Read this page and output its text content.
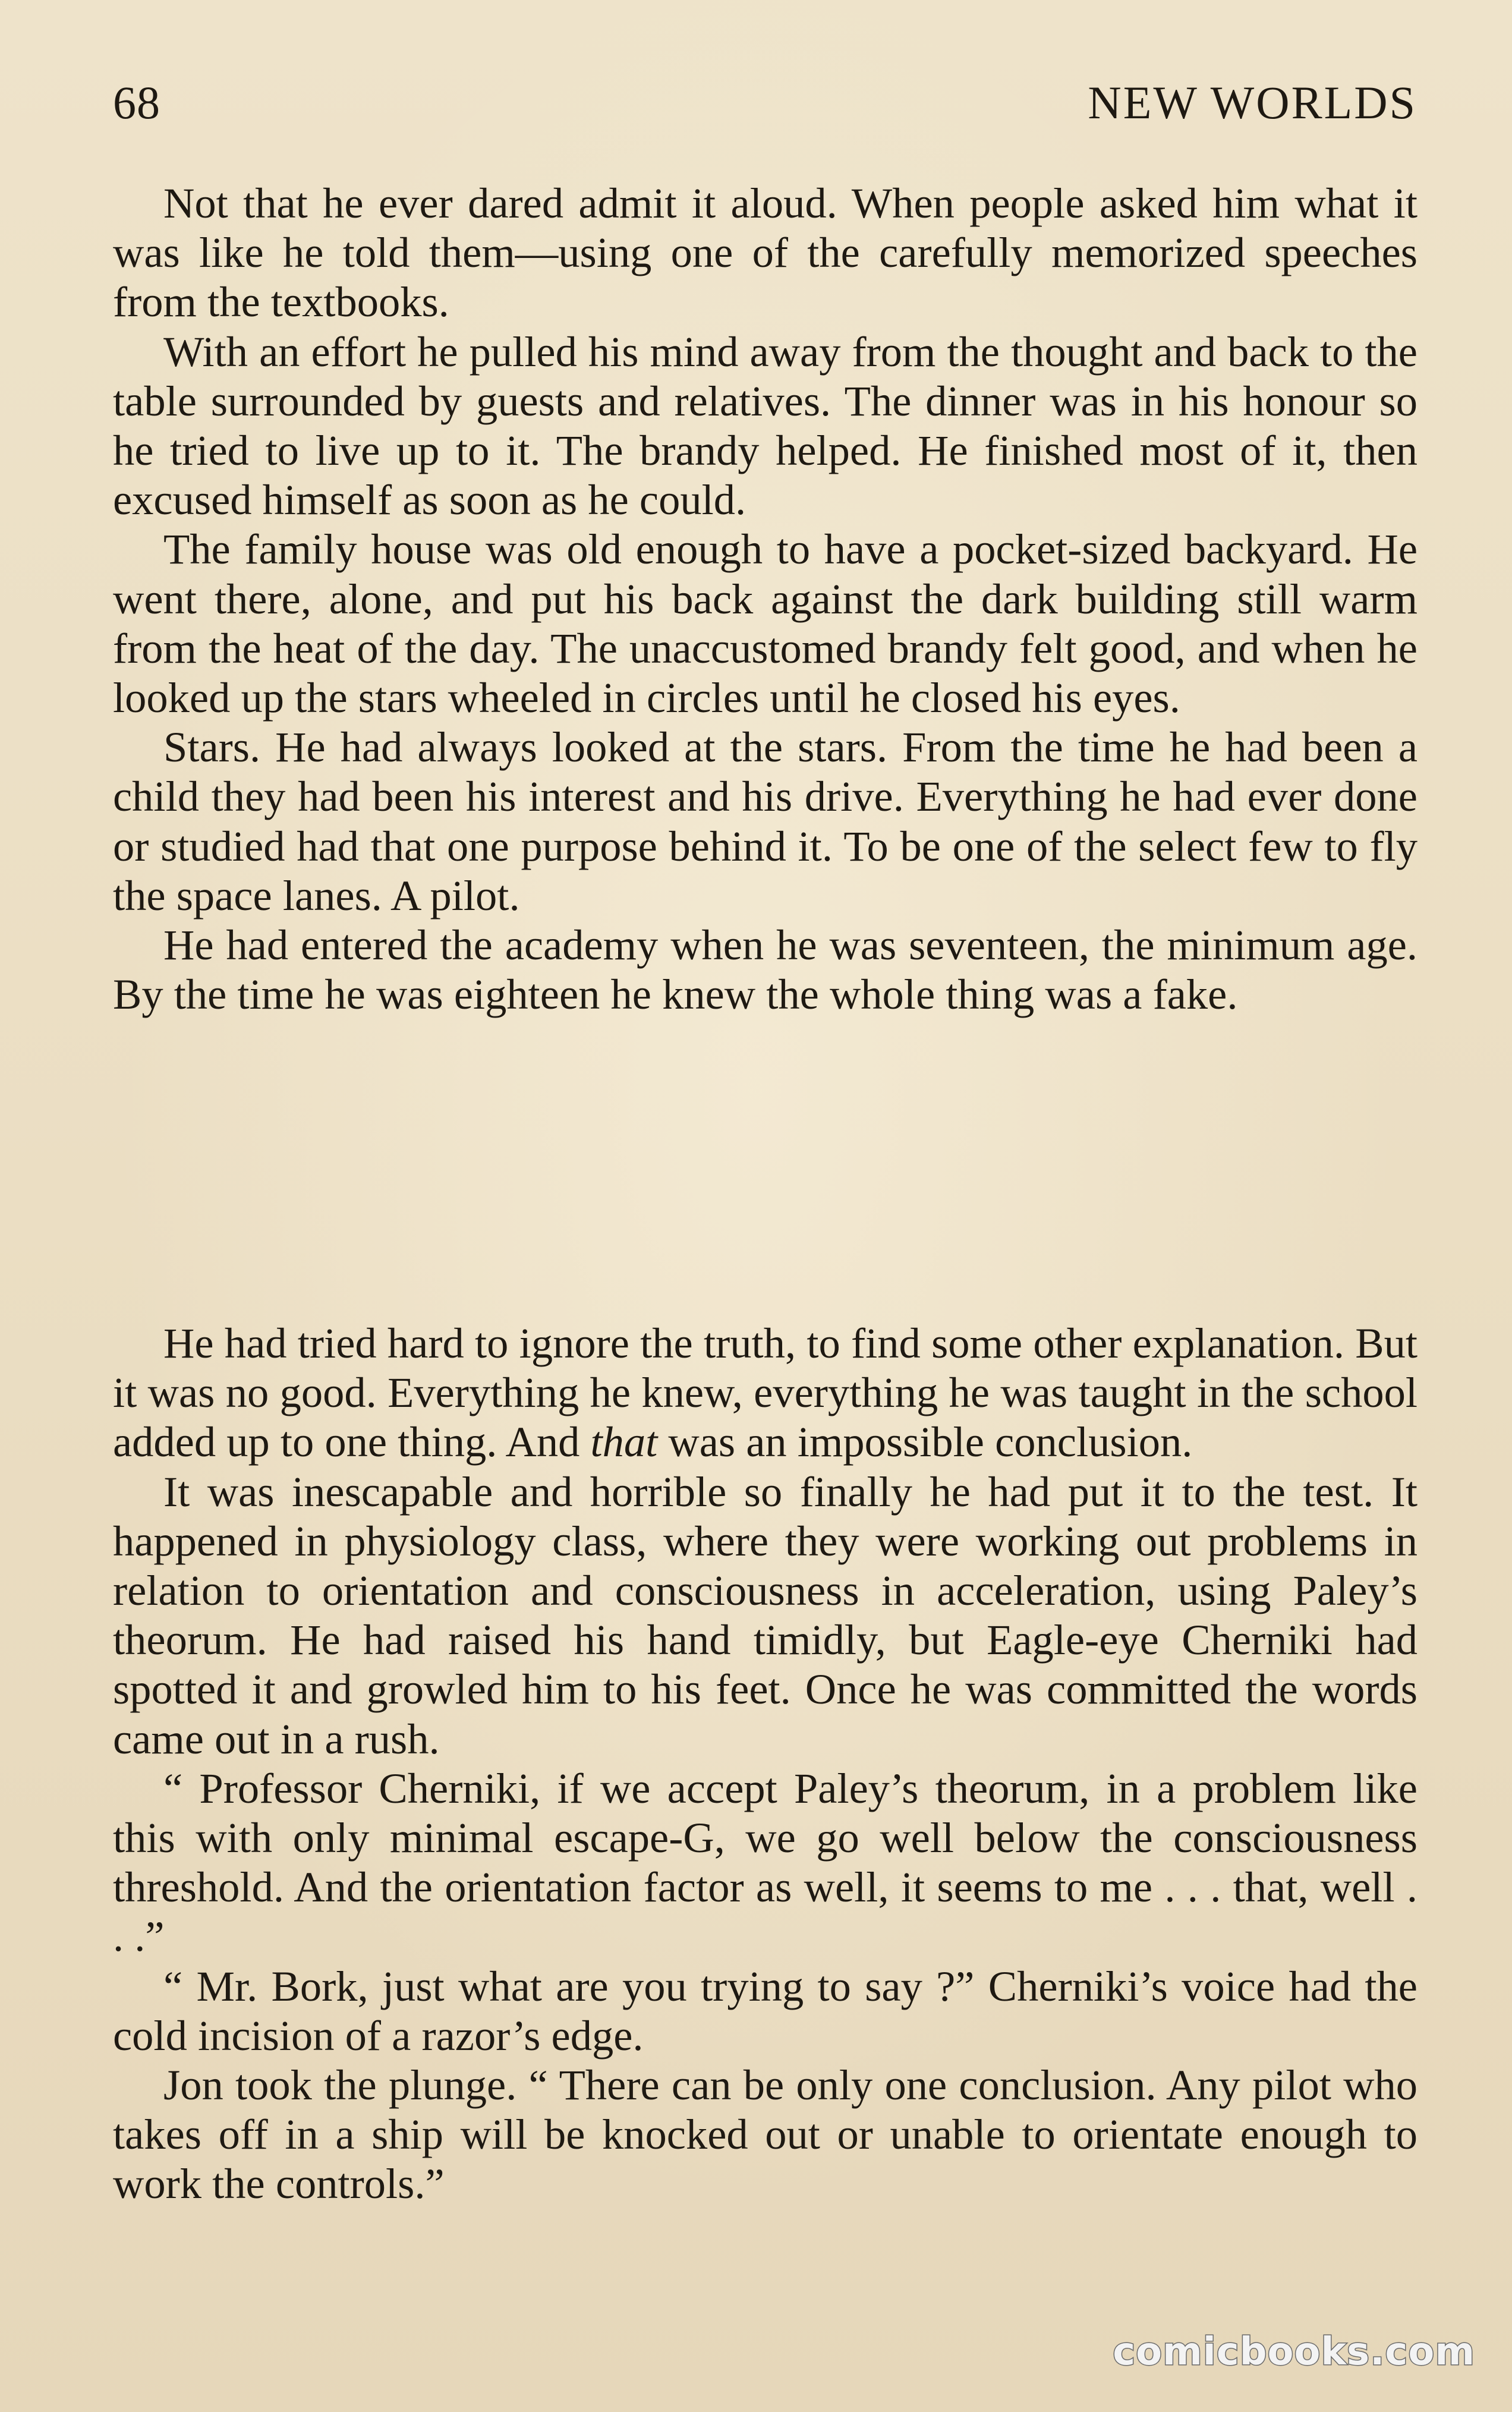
68	NEW WORLDS

Not that he ever dared admit it aloud. When people asked him what it was like he told them—using one of the carefully memorized speeches from the textbooks.

With an effort he pulled his mind away from the thought and back to the table surrounded by guests and relatives. The dinner was in his honour so he tried to live up to it. The brandy helped. He finished most of it, then excused himself as soon as he could.

The family house was old enough to have a pocket-sized backyard. He went there, alone, and put his back against the dark building still warm from the heat of the day. The unaccustomed brandy felt good, and when he looked up the stars wheeled in circles until he closed his eyes.

Stars. He had always looked at the stars. From the time he had been a child they had been his interest and his drive. Everything he had ever done or studied had that one purpose behind it. To be one of the select few to fly the space lanes. A pilot.

He had entered the academy when he was seventeen, the minimum age. By the time he was eighteen he knew the whole thing was a fake.

He had tried hard to ignore the truth, to find some other explanation. But it was no good. Everything he knew, everything he was taught in the school added up to one thing. And that was an impossible conclusion.

It was inescapable and horrible so finally he had put it to the test. It happened in physiology class, where they were working out problems in relation to orientation and consciousness in acceleration, using Paley’s theorum. He had raised his hand timidly, but Eagle-eye Cherniki had spotted it and growled him to his feet. Once he was committed the words came out in a rush.

“ Professor Cherniki, if we accept Paley’s theorum, in a problem like this with only minimal escape-G, we go well below the consciousness threshold. And the orientation factor as well, it seems to me . . . that, well . . .”

“ Mr. Bork, just what are you trying to say ?” Cherniki’s voice had the cold incision of a razor’s edge.

Jon took the plunge. “ There can be only one conclusion. Any pilot who takes off in a ship will be knocked out or unable to orientate enough to work the controls.”

comicbooks.com
